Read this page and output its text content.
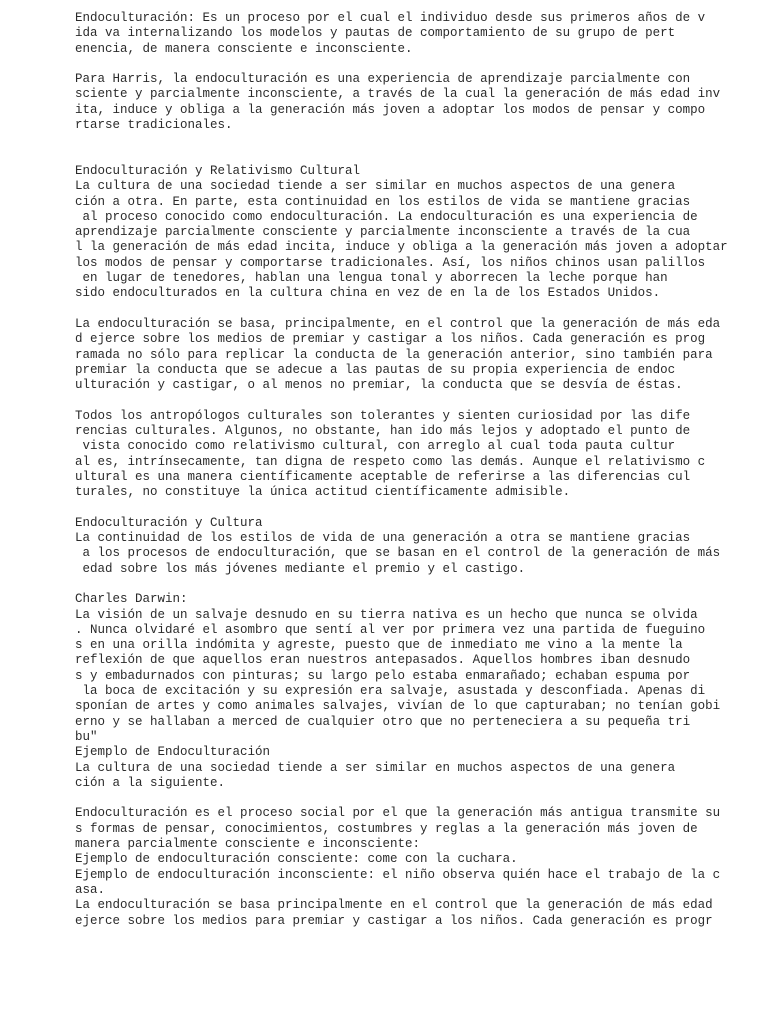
Endoculturación: Es un proceso por el cual el individuo desde sus primeros años de v
ida va internalizando los modelos y pautas de comportamiento de su grupo de pert
enencia, de manera consciente e inconsciente.
Para Harris, la endoculturación es una experiencia de aprendizaje parcialmente con
sciente y parcialmente inconsciente, a través de la cual la generación de más edad inv
ita, induce y obliga a la generación más joven a adoptar los modos de pensar y compo
rtarse tradicionales.
Endoculturación y Relativismo Cultural
La cultura de una sociedad tiende a ser similar en muchos aspectos de una genera
ción a otra. En parte, esta continuidad en los estilos de vida se mantiene gracias
al proceso conocido como endoculturación. La endoculturación es una experiencia de
aprendizaje parcialmente consciente y parcialmente inconsciente a través de la cua
l la generación de más edad incita, induce y obliga a la generación más joven a adoptar
los modos de pensar y comportarse tradicionales. Así, los niños chinos usan palillos
en lugar de tenedores, hablan una lengua tonal y aborrecen la leche porque han
sido endoculturados en la cultura china en vez de en la de los Estados Unidos.
La endoculturación se basa, principalmente, en el control que la generación de más eda
d ejerce sobre los medios de premiar y castigar a los niños. Cada generación es prog
ramada no sólo para replicar la conducta de la generación anterior, sino también para
premiar la conducta que se adecue a las pautas de su propia experiencia de endoc
ulturación y castigar, o al menos no premiar, la conducta que se desvía de éstas.
Todos los antropólogos culturales son tolerantes y sienten curiosidad por las dife
rencias culturales. Algunos, no obstante, han ido más lejos y adoptado el punto de
vista conocido como relativismo cultural, con arreglo al cual toda pauta cultur
al es, intrínsecamente, tan digna de respeto como las demás. Aunque el relativismo c
ultural es una manera científicamente aceptable de referirse a las diferencias cul
turales, no constituye la única actitud científicamente admisible.
Endoculturación y Cultura
La continuidad de los estilos de vida de una generación a otra se mantiene gracias
a los procesos de endoculturación, que se basan en el control de la generación de más
edad sobre los más jóvenes mediante el premio y el castigo.
Charles Darwin:
La visión de un salvaje desnudo en su tierra nativa es un hecho que nunca se olvida
. Nunca olvidaré el asombro que sentí al ver por primera vez una partida de fueguino
s en una orilla indómita y agreste, puesto que de inmediato me vino a la mente la
reflexión de que aquellos eran nuestros antepasados. Aquellos hombres iban desnudo
s y embadurnados con pinturas; su largo pelo estaba enmarañado; echaban espuma por
la boca de excitación y su expresión era salvaje, asustada y desconfiada. Apenas di
sponían de artes y como animales salvajes, vivían de lo que capturaban; no tenían gobi
erno y se hallaban a merced de cualquier otro que no perteneciera a su pequeña tri
bu"
Ejemplo de Endoculturación
La cultura de una sociedad tiende a ser similar en muchos aspectos de una genera
ción a la siguiente.
Endoculturación es el proceso social por el que la generación más antigua transmite su
s formas de pensar, conocimientos, costumbres y reglas a la generación más joven de
manera parcialmente consciente e inconsciente:
Ejemplo de endoculturación consciente: come con la cuchara.
Ejemplo de endoculturación inconsciente: el niño observa quién hace el trabajo de la c
asa.
La endoculturación se basa principalmente en el control que la generación de más edad
ejerce sobre los medios para premiar y castigar a los niños. Cada generación es progr
